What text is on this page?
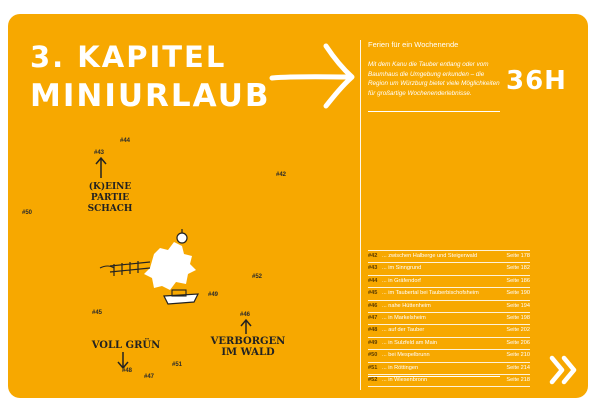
3. KAPITEL
MINIURLAUB
Ferien für ein Wochenende
Mit dem Kanu die Tauber entlang oder vom Baumhaus die Umgebung erkunden – die Region um Würzburg bietet viele Möglichkeiten für großartige Wochenenderlebnisse.	36H
#44
#43
#42
#50
#52
#49
#45	#46
#48
#47
#51
(K)EINE PARTIE SCHACH
VOLL GRÜN	VERBORGEN IM WALD
#42 ... zwischen Halberge und Steigerwald	Seite 178
#43 ... im Sinngrund	Seite 182
#44 ... in Gräfendorf	Seite 186
#45 ... im Taubertal bei Tauberbischofsheim	Seite 190
#46 ... nahe Hüttenheim	Seite 194
#47 ... in Markelsheim	Seite 198
#48 ... auf der Tauber	Seite 202
#49 ... in Sulzfeld am Main	Seite 206
#50 ... bei Mespelbrunn	Seite 210
#51 ... in Röttingen	Seite 214
#52 ... in Wiesenbronn	Seite 218
